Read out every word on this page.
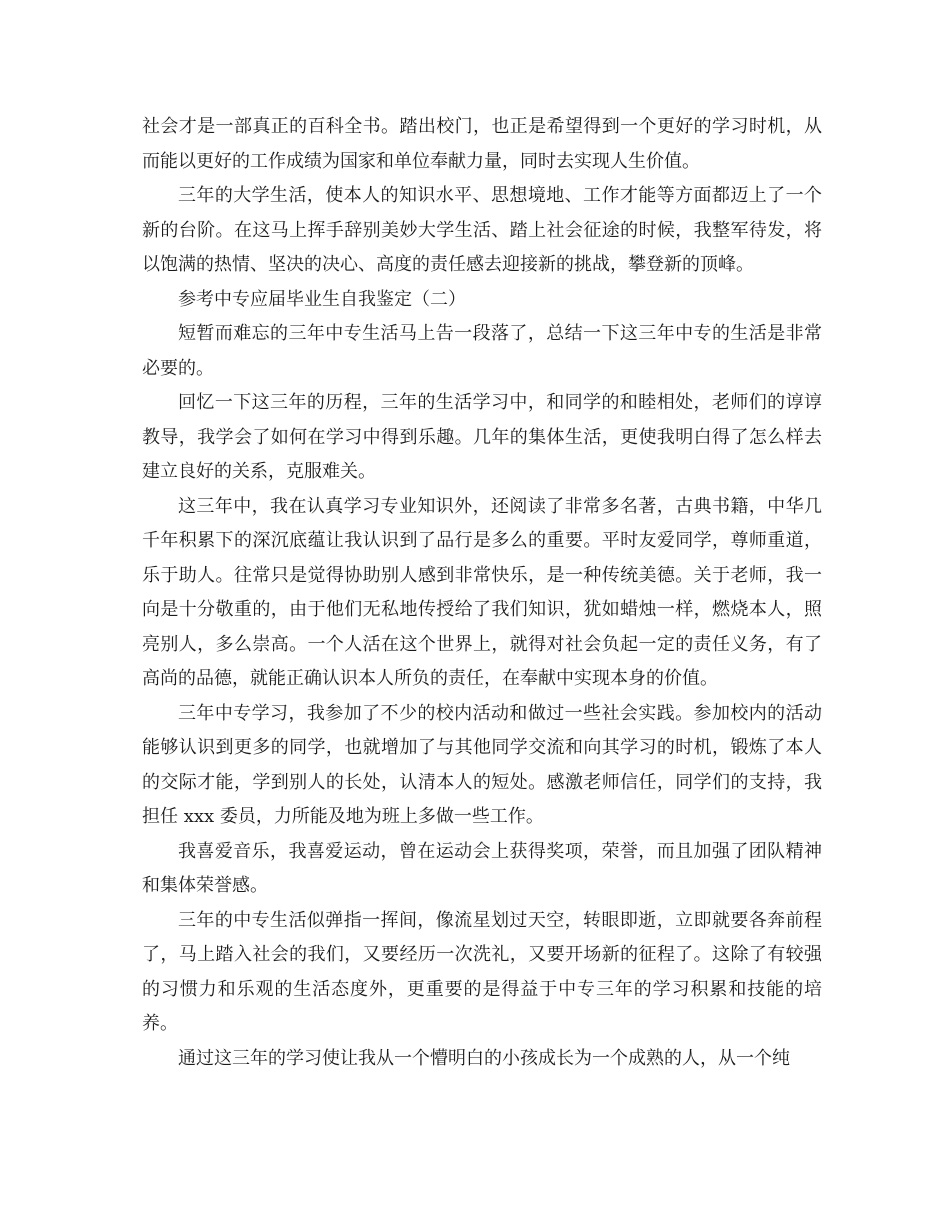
社会才是一部真正的百科全书。踏出校门，也正是希望得到一个更好的学习时机，从而能以更好的工作成绩为国家和单位奉献力量，同时去实现人生价值。

三年的大学生活，使本人的知识水平、思想境地、工作才能等方面都迈上了一个新的台阶。在这马上挥手辞别美妙大学生活、踏上社会征途的时候，我整军待发，将以饱满的热情、坚决的决心、高度的责任感去迎接新的挑战，攀登新的顶峰。

参考中专应届毕业生自我鉴定（二）

短暂而难忘的三年中专生活马上告一段落了，总结一下这三年中专的生活是非常必要的。

回忆一下这三年的历程，三年的生活学习中，和同学的和睦相处，老师们的谆谆教导，我学会了如何在学习中得到乐趣。几年的集体生活，更使我明白得了怎么样去建立良好的关系，克服难关。

这三年中，我在认真学习专业知识外，还阅读了非常多名著，古典书籍，中华几千年积累下的深沉底蕴让我认识到了品行是多么的重要。平时友爱同学，尊师重道，乐于助人。往常只是觉得协助别人感到非常快乐，是一种传统美德。关于老师，我一向是十分敬重的，由于他们无私地传授给了我们知识，犹如蜡烛一样，燃烧本人，照亮别人，多么崇高。一个人活在这个世界上，就得对社会负起一定的责任义务，有了高尚的品德，就能正确认识本人所负的责任，在奉献中实现本身的价值。

三年中专学习，我参加了不少的校内活动和做过一些社会实践。参加校内的活动能够认识到更多的同学，也就增加了与其他同学交流和向其学习的时机，锻炼了本人的交际才能，学到别人的长处，认清本人的短处。感激老师信任，同学们的支持，我担任 xxx 委员，力所能及地为班上多做一些工作。

我喜爱音乐，我喜爱运动，曾在运动会上获得奖项，荣誉，而且加强了团队精神和集体荣誉感。

三年的中专生活似弹指一挥间，像流星划过天空，转眼即逝，立即就要各奔前程了，马上踏入社会的我们，又要经历一次洗礼，又要开场新的征程了。这除了有较强的习惯力和乐观的生活态度外，更重要的是得益于中专三年的学习积累和技能的培养。

通过这三年的学习使让我从一个懵明白的小孩成长为一个成熟的人，从一个纯
